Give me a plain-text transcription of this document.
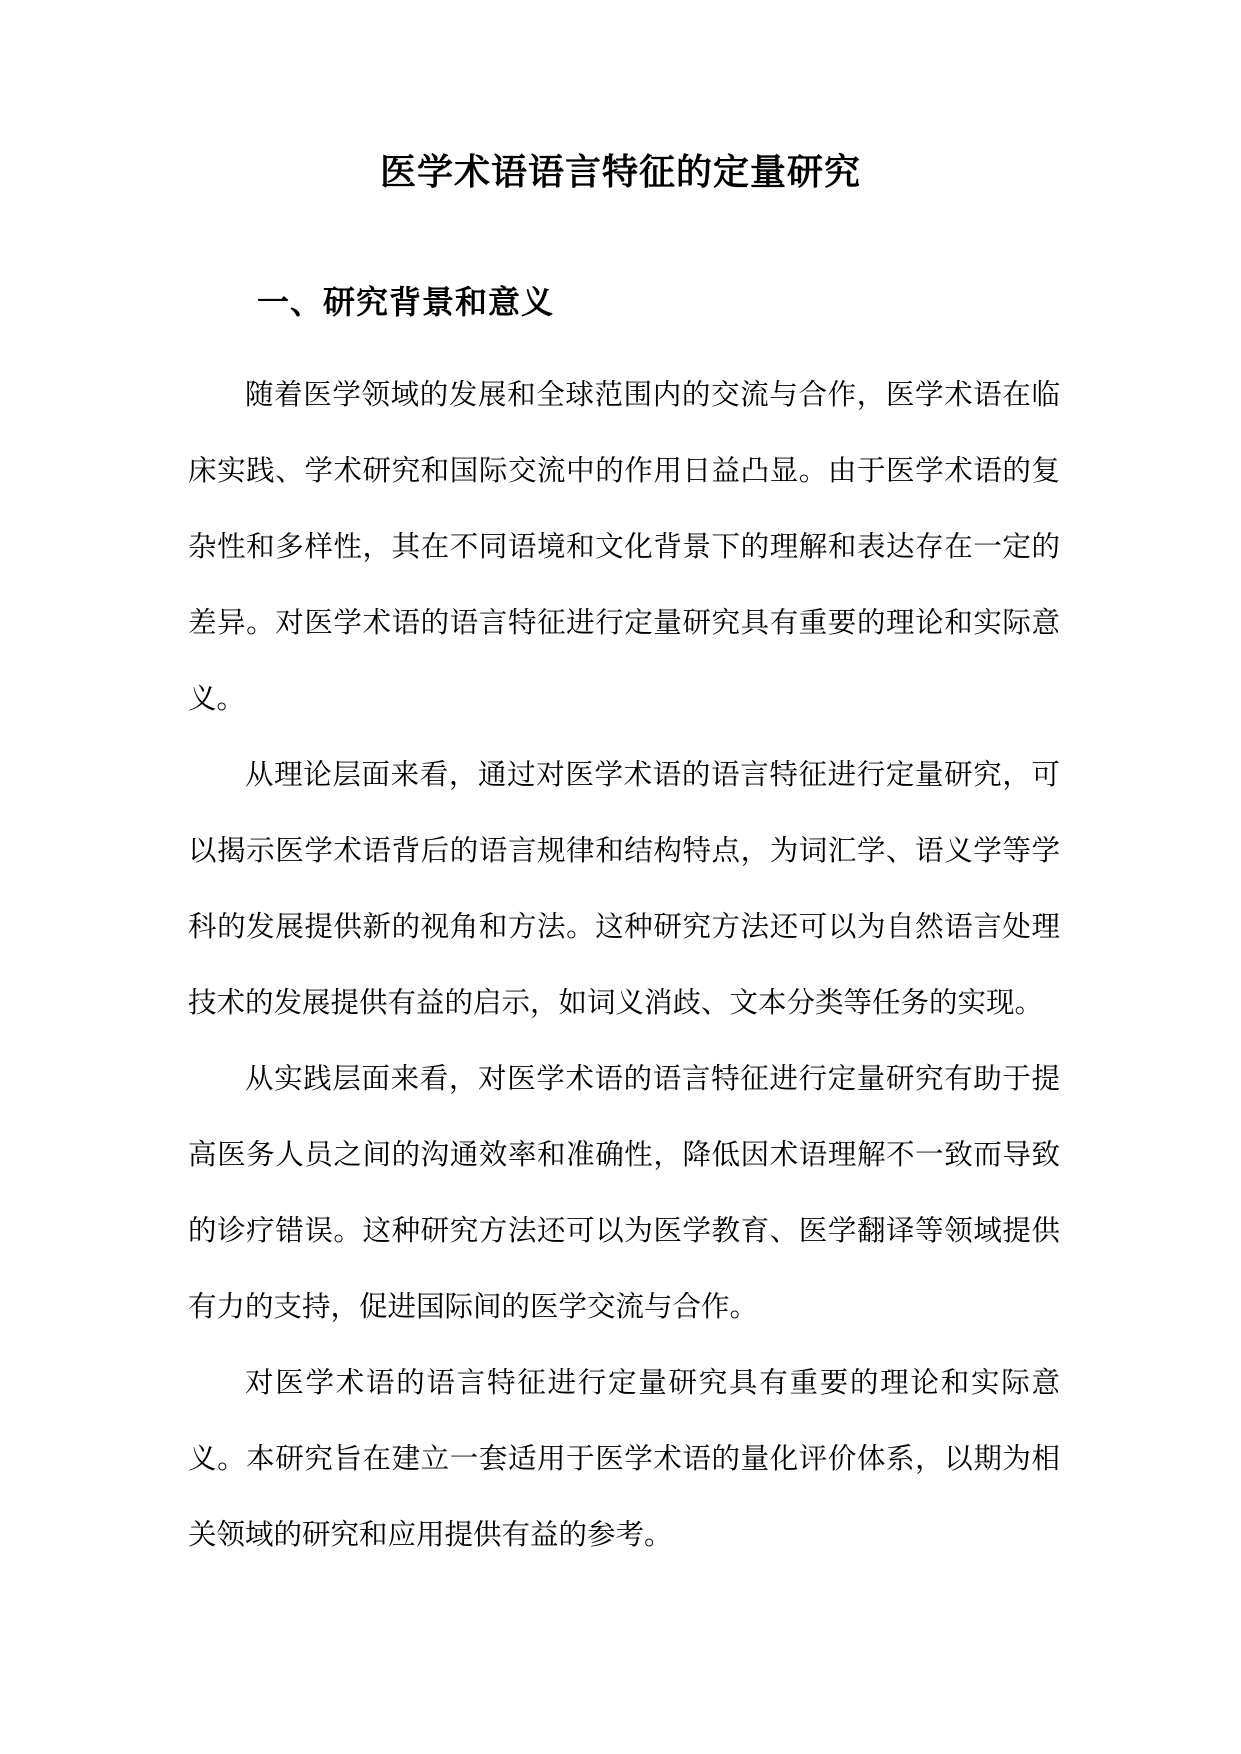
医学术语语言特征的定量研究
一、研究背景和意义

随着医学领域的发展和全球范围内的交流与合作，医学术语在临床实践、学术研究和国际交流中的作用日益凸显。由于医学术语的复杂性和多样性，其在不同语境和文化背景下的理解和表达存在一定的差异。对医学术语的语言特征进行定量研究具有重要的理论和实际意义。

从理论层面来看，通过对医学术语的语言特征进行定量研究，可以揭示医学术语背后的语言规律和结构特点，为词汇学、语义学等学科的发展提供新的视角和方法。这种研究方法还可以为自然语言处理技术的发展提供有益的启示，如词义消歧、文本分类等任务的实现。

从实践层面来看，对医学术语的语言特征进行定量研究有助于提高医务人员之间的沟通效率和准确性，降低因术语理解不一致而导致的诊疗错误。这种研究方法还可以为医学教育、医学翻译等领域提供有力的支持，促进国际间的医学交流与合作。

对医学术语的语言特征进行定量研究具有重要的理论和实际意义。本研究旨在建立一套适用于医学术语的量化评价体系，以期为相关领域的研究和应用提供有益的参考。
